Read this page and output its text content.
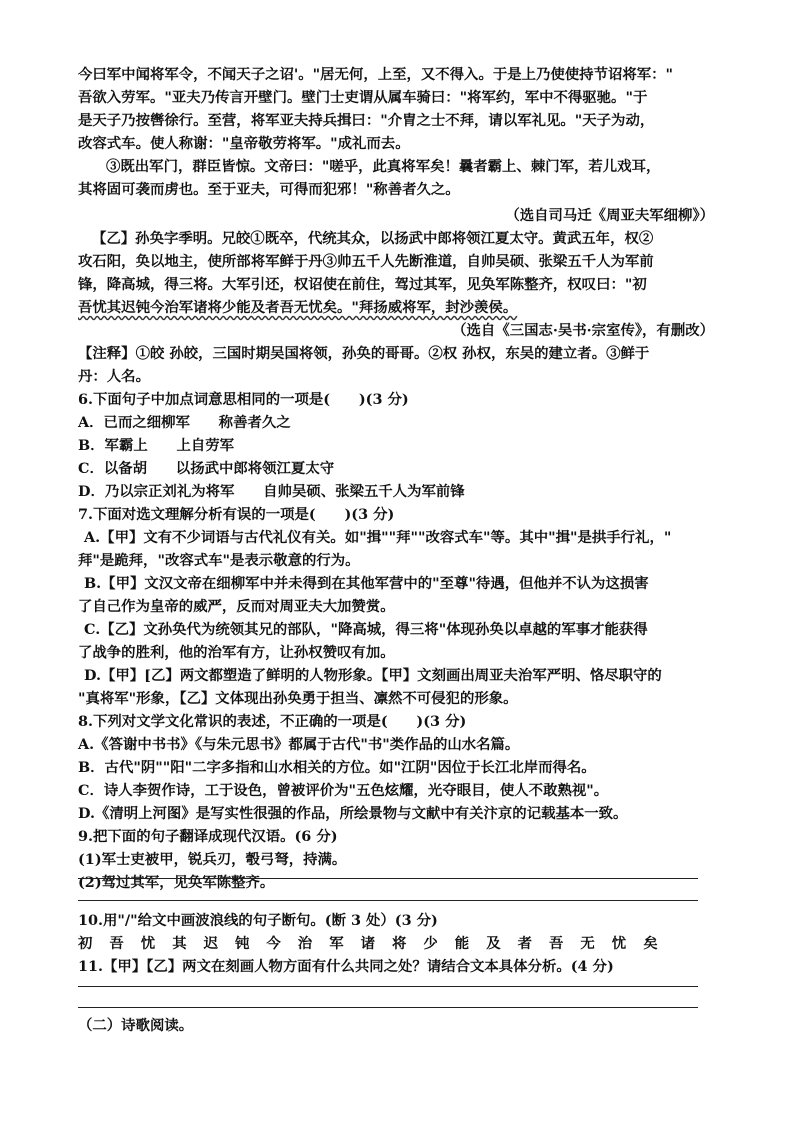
今曰军中闻将军令，不闻天子之诏'。"居无何，上至，又不得入。于是上乃使使持节诏将军："
吾欲入劳军。"亚夫乃传言开壁门。壁门士吏谓从属车骑曰："将军约，军中不得驱驰。"于
是天子乃按辔徐行。至营，将军亚夫持兵揖曰："介胄之士不拜，请以军礼见。"天子为动，
改容式车。使人称谢："皇帝敬劳将军。"成礼而去。
③既出军门，群臣皆惊。文帝曰："嗟乎，此真将军矣！曩者霸上、棘门军，若儿戏耳，
其将固可袭而虏也。至于亚夫，可得而犯邪！"称善者久之。
（选自司马迁《周亚夫军细柳》）
【乙】孙奂字季明。兄皎①既卒，代统其众，以扬武中郎将领江夏太守。黄武五年，权②
攻石阳，奂以地主，使所部将军鲜于丹③帅五千人先断淮道，自帅吴硕、张梁五千人为军前
锋，降高城，得三将。大军引还，权诏使在前住，驾过其军，见奂军陈整齐，权叹曰："初
吾忧其迟钝今治军诸将少能及者吾无忧矣。"拜扬威将军，封沙羡侯。
（选自《三国志·吴书·宗室传》，有删改）
【注释】①皎 孙皎，三国时期吴国将领，孙奂的哥哥。②权 孙权，东吴的建立者。③鲜于
丹：人名。
6.下面句子中加点词意思相同的一项是(　　)(3 分)
A．已而之细柳军　　称善者久之
B．军霸上　　上自劳军
C．以备胡　　以扬武中郎将领江夏太守
D．乃以宗正刘礼为将军　　自帅吴硕、张梁五千人为军前锋
7.下面对选文理解分析有误的一项是(　　)(3 分)
A.【甲】文有不少词语与古代礼仪有关。如"揖""拜""改容式车"等。其中"揖"是拱手行礼，"
拜"是跪拜，"改容式车"是表示敬意的行为。
B.【甲】文汉文帝在细柳军中并未得到在其他军营中的"至尊"待遇，但他并不认为这损害
了自己作为皇帝的威严，反而对周亚夫大加赞赏。
C.【乙】文孙奂代为统领其兄的部队，"降高城，得三将"体现孙奂以卓越的军事才能获得
了战争的胜利，他的治军有方，让孙权赞叹有加。
D.【甲】[乙】两文都塑造了鲜明的人物形象。【甲】文刻画出周亚夫治军严明、恪尽职守的
"真将军"形象，【乙】文体现出孙奂勇于担当、凛然不可侵犯的形象。
8.下列对文学文化常识的表述，不正确的一项是(　　)(3 分)
A.《答谢中书书》《与朱元思书》都属于古代"书"类作品的山水名篇。
B．古代"阴""阳"二字多指和山水相关的方位。如"江阴"因位于长江北岸而得名。
C．诗人李贺作诗，工于设色，曾被评价为"五色炫耀，光夺眼目，使人不敢熟视"。
D.《清明上河图》是写实性很强的作品，所绘景物与文献中有关汴京的记载基本一致。
9.把下面的句子翻译成现代汉语。(6 分)
(1)军士吏被甲，锐兵刃，彀弓弩，持满。
(2)驾过其军，见奂军陈整齐。
10.用"/"给文中画波浪线的句子断句。(断 3 处）(3 分)
初 吾 忧 其 迟 钝 今 治 军 诸 将 少 能 及 者 吾 无 忧 矣
11.【甲】【乙】两文在刻画人物方面有什么共同之处？请结合文本具体分析。(4 分)
（二）诗歌阅读。
